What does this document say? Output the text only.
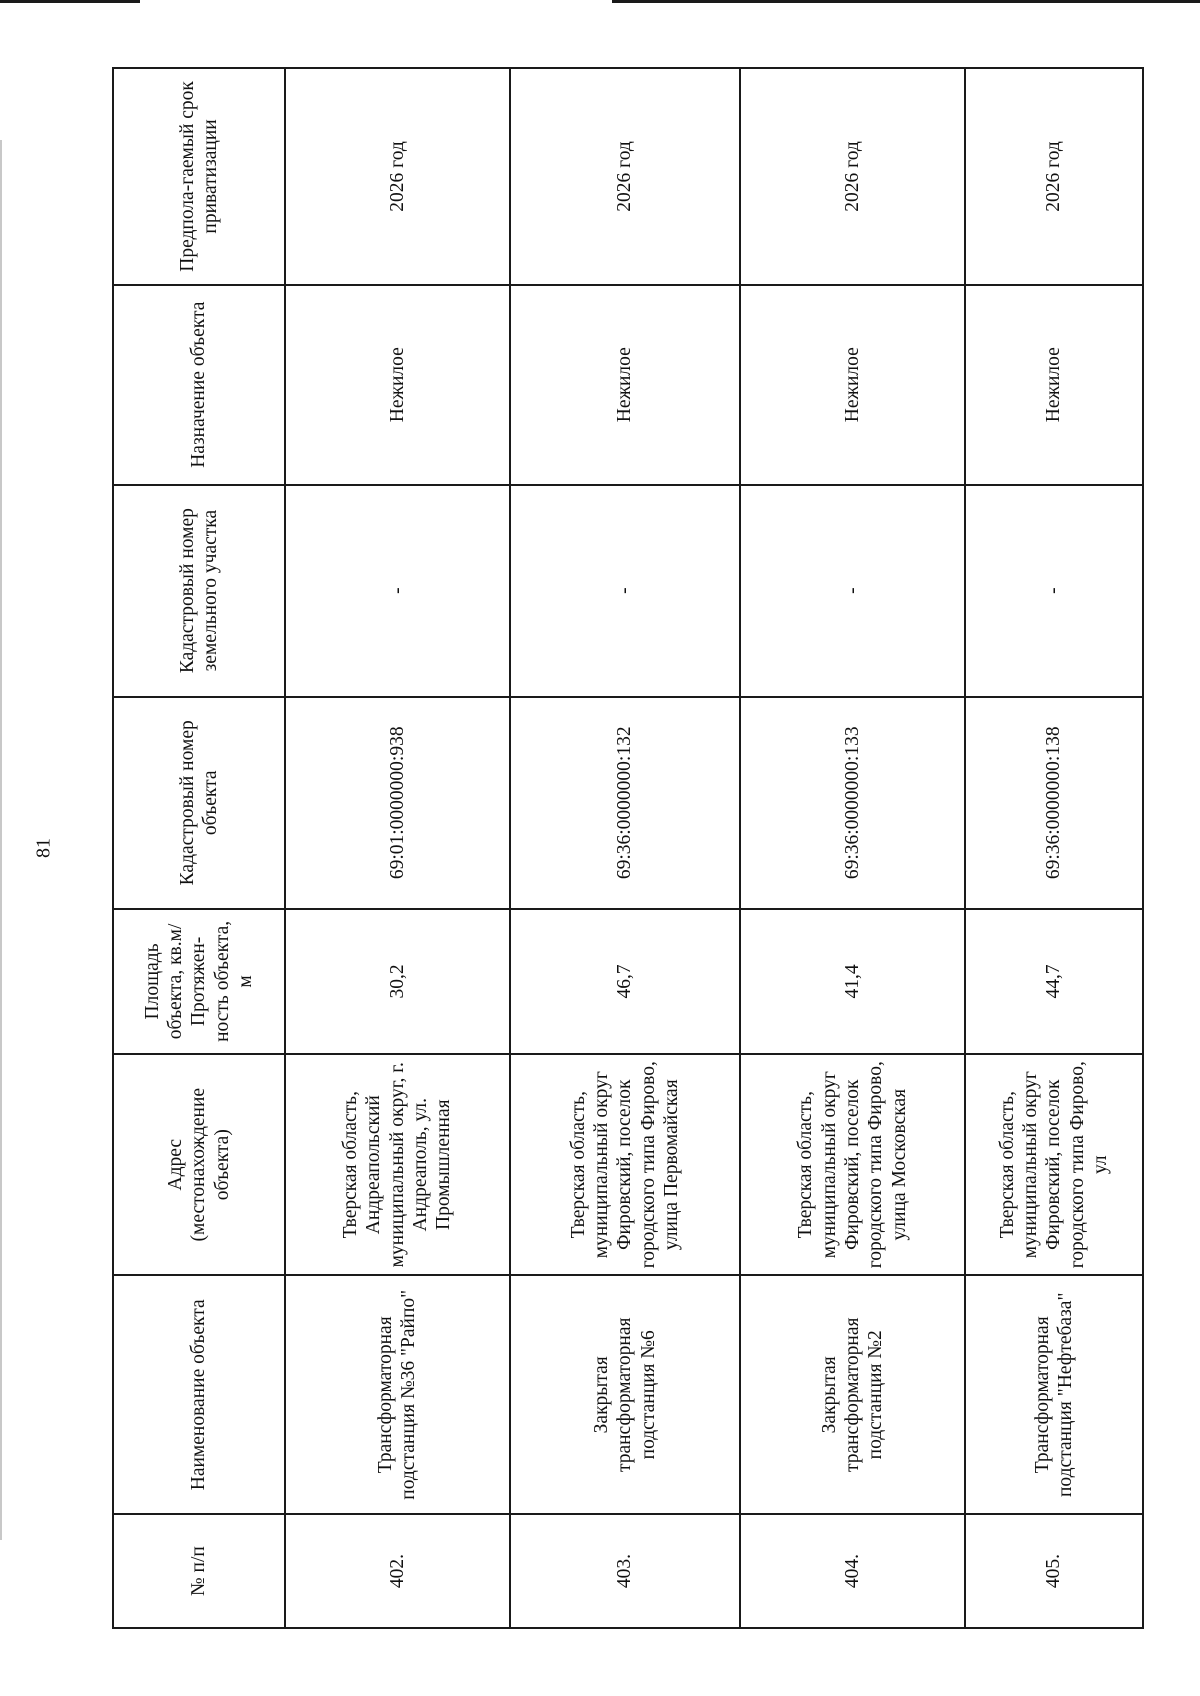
81
№ п/п	Наименование объекта	Адрес (местонахождение объекта)	Площадь объекта, кв.м/ Протяжен-ность объекта, м	Кадастровый номер объекта	Кадастровый номер земельного участка	Назначение объекта	Предпола-гаемый срок приватизации
402.	Трансформаторная подстанция №36 "Райпо"	Тверская область, Андреапольский муниципальный округ, г. Андреаполь, ул. Промышленная	30,2	69:01:0000000:938	-	Нежилое	2026 год
403.	Закрытая трансформаторная подстанция №6	Тверская область, муниципальный округ Фировский, поселок городского типа Фирово, улица Первомайская	46,7	69:36:0000000:132	-	Нежилое	2026 год
404.	Закрытая трансформаторная подстанция №2	Тверская область, муниципальный округ Фировский, поселок городского типа Фирово, улица Московская	41,4	69:36:0000000:133	-	Нежилое	2026 год
405.	Трансформаторная подстанция "Нефтебаза"	Тверская область, муниципальный округ Фировский, поселок городского типа Фирово, ул	44,7	69:36:0000000:138	-	Нежилое	2026 год
